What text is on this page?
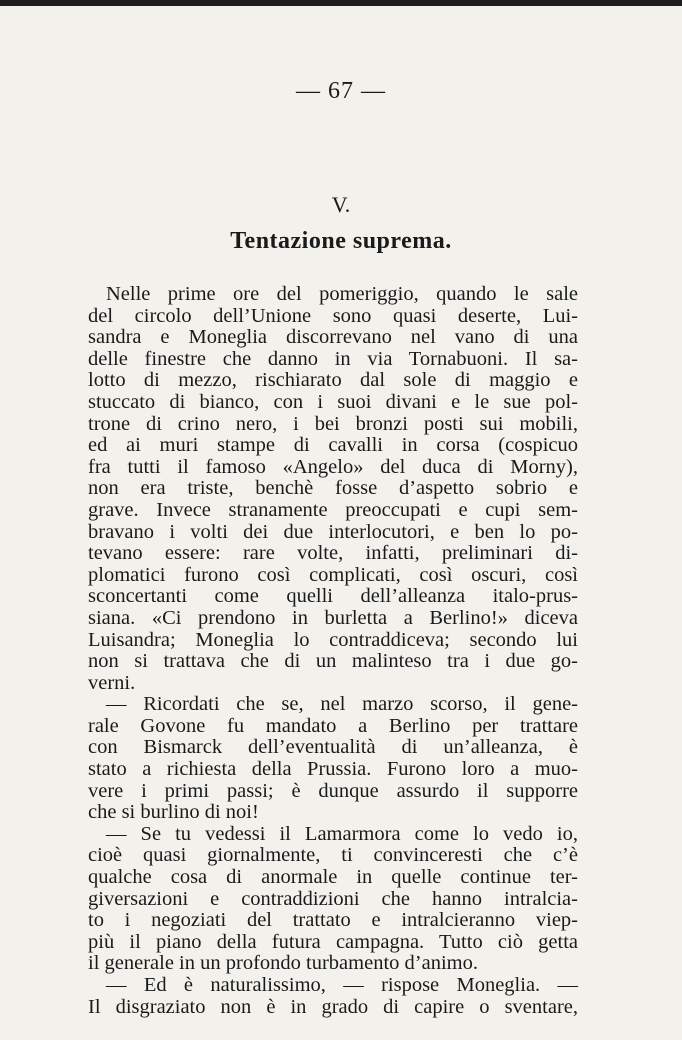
— 67 —
V.
Tentazione suprema.
Nelle prime ore del pomeriggio, quando le sale
del circolo dell’Unione sono quasi deserte, Lui-
sandra e Moneglia discorrevano nel vano di una
delle finestre che danno in via Tornabuoni. Il sa-
lotto di mezzo, rischiarato dal sole di maggio e
stuccato di bianco, con i suoi divani e le sue pol-
trone di crino nero, i bei bronzi posti sui mobili,
ed ai muri stampe di cavalli in corsa (cospicuo
fra tutti il famoso «Angelo» del duca di Morny),
non era triste, benchè fosse d’aspetto sobrio e
grave. Invece stranamente preoccupati e cupi sem-
bravano i volti dei due interlocutori, e ben lo po-
tevano essere: rare volte, infatti, preliminari di-
plomatici furono così complicati, così oscuri, così
sconcertanti come quelli dell’alleanza italo-prus-
siana. «Ci prendono in burletta a Berlino!» diceva
Luisandra; Moneglia lo contraddiceva; secondo lui
non si trattava che di un malinteso tra i due go-
verni.
— Ricordati che se, nel marzo scorso, il gene-
rale Govone fu mandato a Berlino per trattare
con Bismarck dell’eventualità di un’alleanza, è
stato a richiesta della Prussia. Furono loro a muo-
vere i primi passi; è dunque assurdo il supporre
che si burlino di noi!
— Se tu vedessi il Lamarmora come lo vedo io,
cioè quasi giornalmente, ti convinceresti che c’è
qualche cosa di anormale in quelle continue ter-
giversazioni e contraddizioni che hanno intralcia-
to i negoziati del trattato e intralcieranno viep-
più il piano della futura campagna. Tutto ciò getta
il generale in un profondo turbamento d’animo.
— Ed è naturalissimo, — rispose Moneglia. —
Il disgraziato non è in grado di capire o sventare,
